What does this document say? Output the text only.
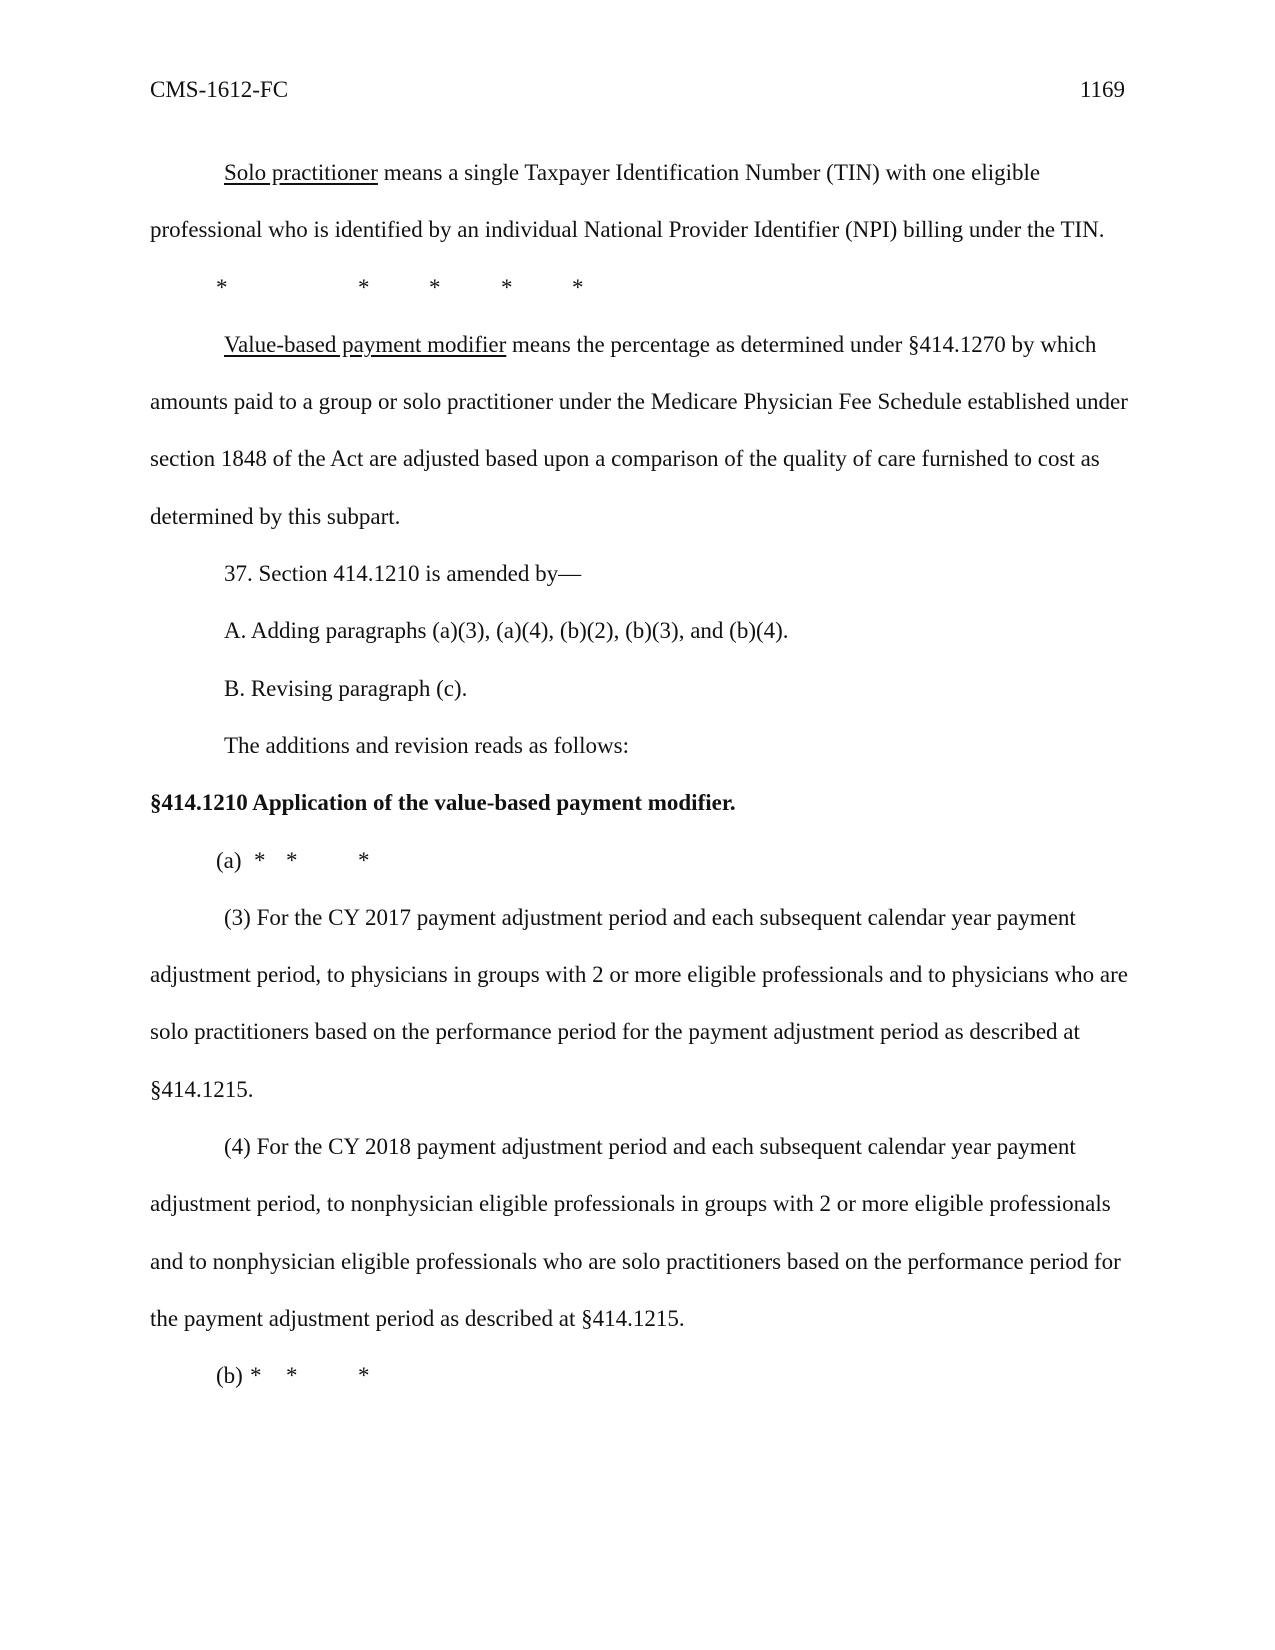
CMS-1612-FC	1169

Solo practitioner means a single Taxpayer Identification Number (TIN) with one eligible professional who is identified by an individual National Provider Identifier (NPI) billing under the TIN.

*	*	*	*	*

Value-based payment modifier means the percentage as determined under §414.1270 by which amounts paid to a group or solo practitioner under the Medicare Physician Fee Schedule established under section 1848 of the Act are adjusted based upon a comparison of the quality of care furnished to cost as determined by this subpart.

37. Section 414.1210 is amended by—

A. Adding paragraphs (a)(3), (a)(4), (b)(2), (b)(3), and (b)(4).

B. Revising paragraph (c).

The additions and revision reads as follows:

§414.1210 Application of the value-based payment modifier.

(a) * *	*

(3) For the CY 2017 payment adjustment period and each subsequent calendar year payment adjustment period, to physicians in groups with 2 or more eligible professionals and to physicians who are solo practitioners based on the performance period for the payment adjustment period as described at §414.1215.

(4) For the CY 2018 payment adjustment period and each subsequent calendar year payment adjustment period, to nonphysician eligible professionals in groups with 2 or more eligible professionals and to nonphysician eligible professionals who are solo practitioners based on the performance period for the payment adjustment period as described at §414.1215.

(b) * *	*
